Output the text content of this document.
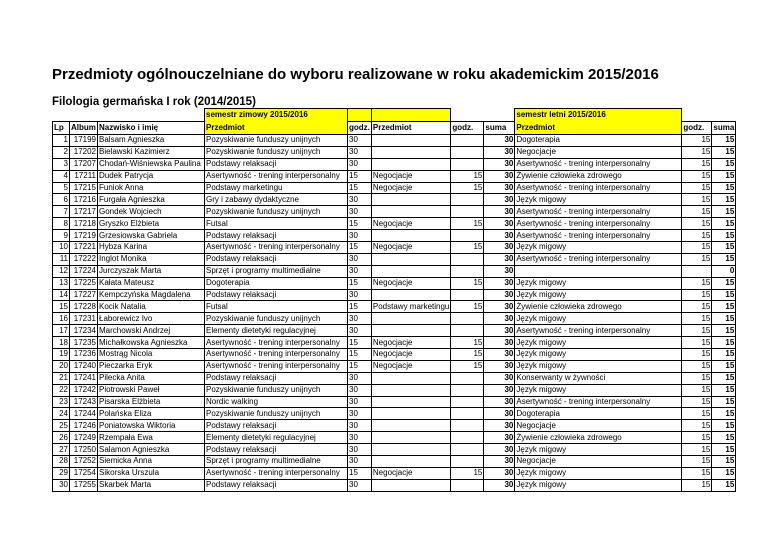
Przedmioty ogólnouczelniane do wyboru realizowane w roku akademickim 2015/2016
Filologia germańska I rok (2014/2015)
			semestr zimowy 2015/2016					semestr letni 2015/2016		
Lp	Album	Nazwisko i imię	Przedmiot	godz.	Przedmiot	godz.	suma	Przedmiot	godz.	suma
1	17199	Balsam Agnieszka	Pozyskiwanie funduszy unijnych	30			30	Dogoterapia	15	15
2	17202	Bielawski Kazimierz	Pozyskiwanie funduszy unijnych	30			30	Negocjacje	15	15
3	17207	Chodań-Wiśniewska Paulina	Podstawy relaksacji	30			30	Asertywność - trening interpersonalny	15	15
4	17211	Dudek Patrycja	Asertywność - trening interpersonalny	15	Negocjacje	15	30	Żywienie człowieka zdrowego	15	15
5	17215	Funiok Anna	Podstawy marketingu	15	Negocjacje	15	30	Asertywność - trening interpersonalny	15	15
6	17216	Furgała Agnieszka	Gry i zabawy dydaktyczne	30			30	Język migowy	15	15
7	17217	Gondek Wojciech	Pozyskiwanie funduszy unijnych	30			30	Asertywność - trening interpersonalny	15	15
8	17218	Gryszko Elżbieta	Futsal	15	Negocjacje	15	30	Asertywność - trening interpersonalny	15	15
9	17219	Grzesiowska Gabriela	Podstawy relaksacji	30			30	Asertywność - trening interpersonalny	15	15
10	17221	Hybza Karina	Asertywność - trening interpersonalny	15	Negocjacje	15	30	Język migowy	15	15
11	17222	Inglot Monika	Podstawy relaksacji	30			30	Asertywność - trening interpersonalny	15	15
12	17224	Jurczyszak Marta	Sprzęt i programy multimedialne	30			30			0
13	17225	Kałata Mateusz	Dogoterapia	15	Negocjacje	15	30	Język migowy	15	15
14	17227	Kempczyńska Magdalena	Podstawy relaksacji	30			30	Język migowy	15	15
15	17228	Kocik Natalia	Futsal	15	Podstawy marketingu	15	30	Żywienie człowieka zdrowego	15	15
16	17231	Łaborewicz Ivo	Pozyskiwanie funduszy unijnych	30			30	Język migowy	15	15
17	17234	Marchowski Andrzej	Elementy dietetyki regulacyjnej	30			30	Asertywność - trening interpersonalny	15	15
18	17235	Michałkowska Agnieszka	Asertywność - trening interpersonalny	15	Negocjacje	15	30	Język migowy	15	15
19	17236	Mostrąg Nicola	Asertywność - trening interpersonalny	15	Negocjacje	15	30	Język migowy	15	15
20	17240	Pieczarka Eryk	Asertywność - trening interpersonalny	15	Negocjacje	15	30	Język migowy	15	15
21	17241	Pilecka Anita	Podstawy relaksacji	30			30	Konserwanty w żywności	15	15
22	17242	Piotrowski Paweł	Pozyskiwanie funduszy unijnych	30			30	Język migowy	15	15
23	17243	Pisarska Elżbieta	Nordic walking	30			30	Asertywność - trening interpersonalny	15	15
24	17244	Polańska Eliza	Pozyskiwanie funduszy unijnych	30			30	Dogoterapia	15	15
25	17246	Poniatowska Wiktoria	Podstawy relaksacji	30			30	Negocjacje	15	15
26	17249	Rzempała Ewa	Elementy dietetyki regulacyjnej	30			30	Żywienie człowieka zdrowego	15	15
27	17250	Salamon Agnieszka	Podstawy relaksacji	30			30	Język migowy	15	15
28	17252	Siemicka Anna	Sprzęt i programy multimedialne	30			30	Negocjacje	15	15
29	17254	Sikorska Urszula	Asertywność - trening interpersonalny	15	Negocjacje	15	30	Język migowy	15	15
30	17255	Skarbek Marta	Podstawy relaksacji	30			30	Język migowy	15	15
